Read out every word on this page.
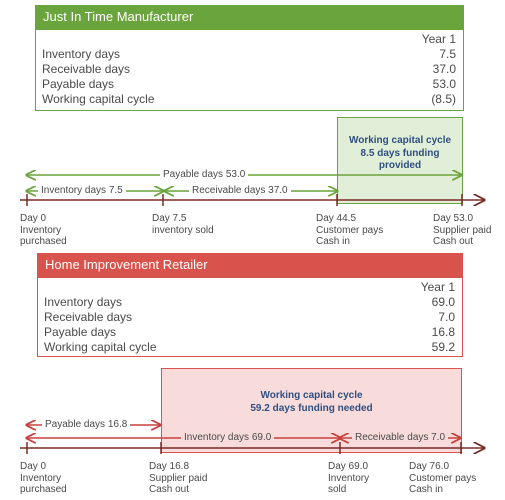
Just In Time Manufacturer
Year 1
Inventory days	7.5
Receivable days	37.0
Payable days	53.0
Working capital cycle	(8.5)
Working capital cycle
8.5 days funding
provided
Payable days 53.0
Inventory days 7.5	Receivable days 37.0
Day 0
Inventory
purchased
Day 7.5
inventory sold
Day 44.5
Customer pays
Cash in
Day 53.0
Supplier paid
Cash out
Home Improvement Retailer
Year 1
Inventory days	69.0
Receivable days	7.0
Payable days	16.8
Working capital cycle	59.2
Working capital cycle
59.2 days funding needed
Payable days 16.8
Inventory days 69.0	Receivable days 7.0
Day 0
Inventory
purchased
Day 16.8
Supplier paid
Cash out
Day 69.0
Inventory
sold
Day 76.0
Customer pays
Cash in
